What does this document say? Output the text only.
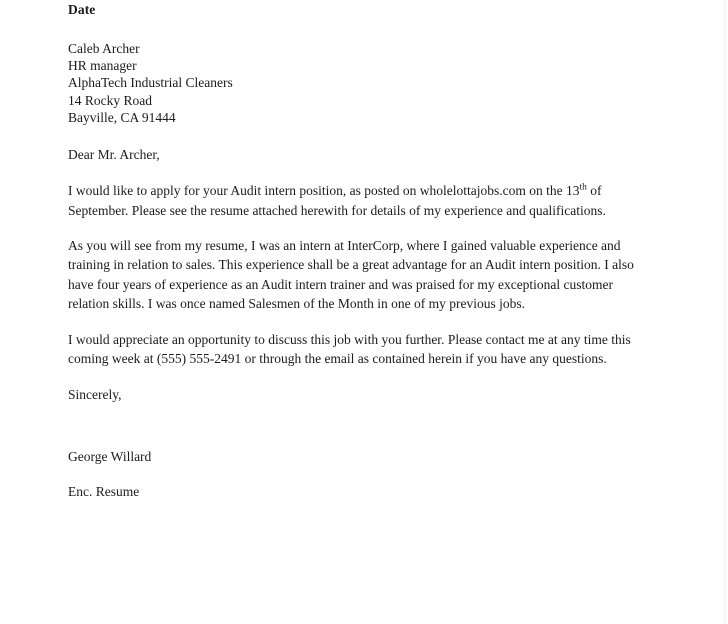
Date
Caleb Archer
HR manager
AlphaTech Industrial Cleaners
14 Rocky Road
Bayville, CA 91444
Dear Mr. Archer,

I would like to apply for your Audit intern position, as posted on wholelottajobs.com on the 13th of September. Please see the resume attached herewith for details of my experience and qualifications.

As you will see from my resume, I was an intern at InterCorp, where I gained valuable experience and training in relation to sales. This experience shall be a great advantage for an Audit intern position. I also have four years of experience as an Audit intern trainer and was praised for my exceptional customer relation skills. I was once named Salesmen of the Month in one of my previous jobs.

I would appreciate an opportunity to discuss this job with you further. Please contact me at any time this coming week at (555) 555-2491 or through the email as contained herein if you have any questions.

Sincerely,
George Willard
Enc. Resume
